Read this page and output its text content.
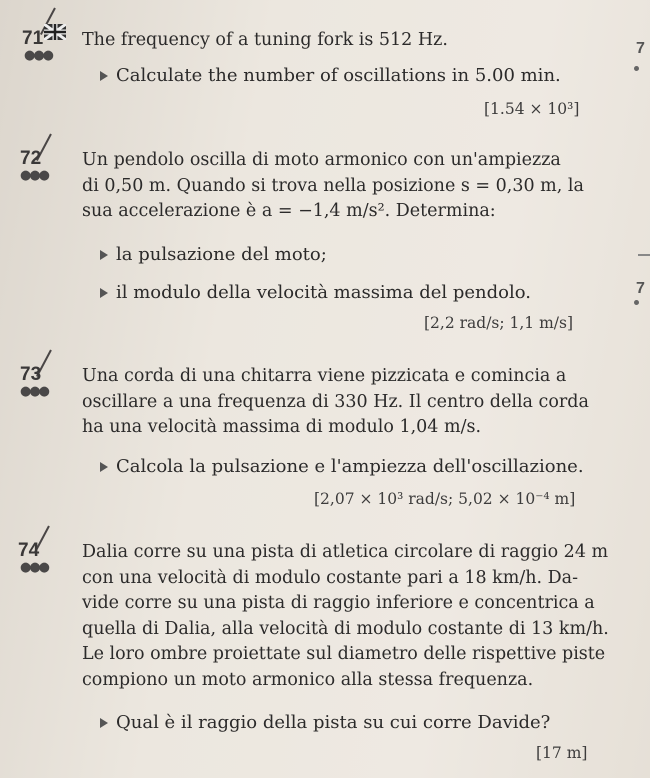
71
●●●

The frequency of a tuning fork is 512 Hz.

Calculate the number of oscillations in 5.00 min.
[1.54 × 10³]
72
●●●

Un pendolo oscilla di moto armonico con un'ampiezza

di 0,50 m. Quando si trova nella posizione s = 0,30 m, la

sua accelerazione è a = −1,4 m/s². Determina:

la pulsazione del moto;
il modulo della velocità massima del pendolo.
[2,2 rad/s; 1,1 m/s]
73
●●●

Una corda di una chitarra viene pizzicata e comincia a

oscillare a una frequenza di 330 Hz. Il centro della corda

ha una velocità massima di modulo 1,04 m/s.

Calcola la pulsazione e l'ampiezza dell'oscillazione.
[2,07 × 10³ rad/s; 5,02 × 10⁻⁴ m]
74
●●●

Dalia corre su una pista di atletica circolare di raggio 24 m

con una velocità di modulo costante pari a 18 km/h. Da-

vide corre su una pista di raggio inferiore e concentrica a

quella di Dalia, alla velocità di modulo costante di 13 km/h.

Le loro ombre proiettate sul diametro delle rispettive piste

compiono un moto armonico alla stessa frequenza.

Qual è il raggio della pista su cui corre Davide?
[17 m]
7
7
